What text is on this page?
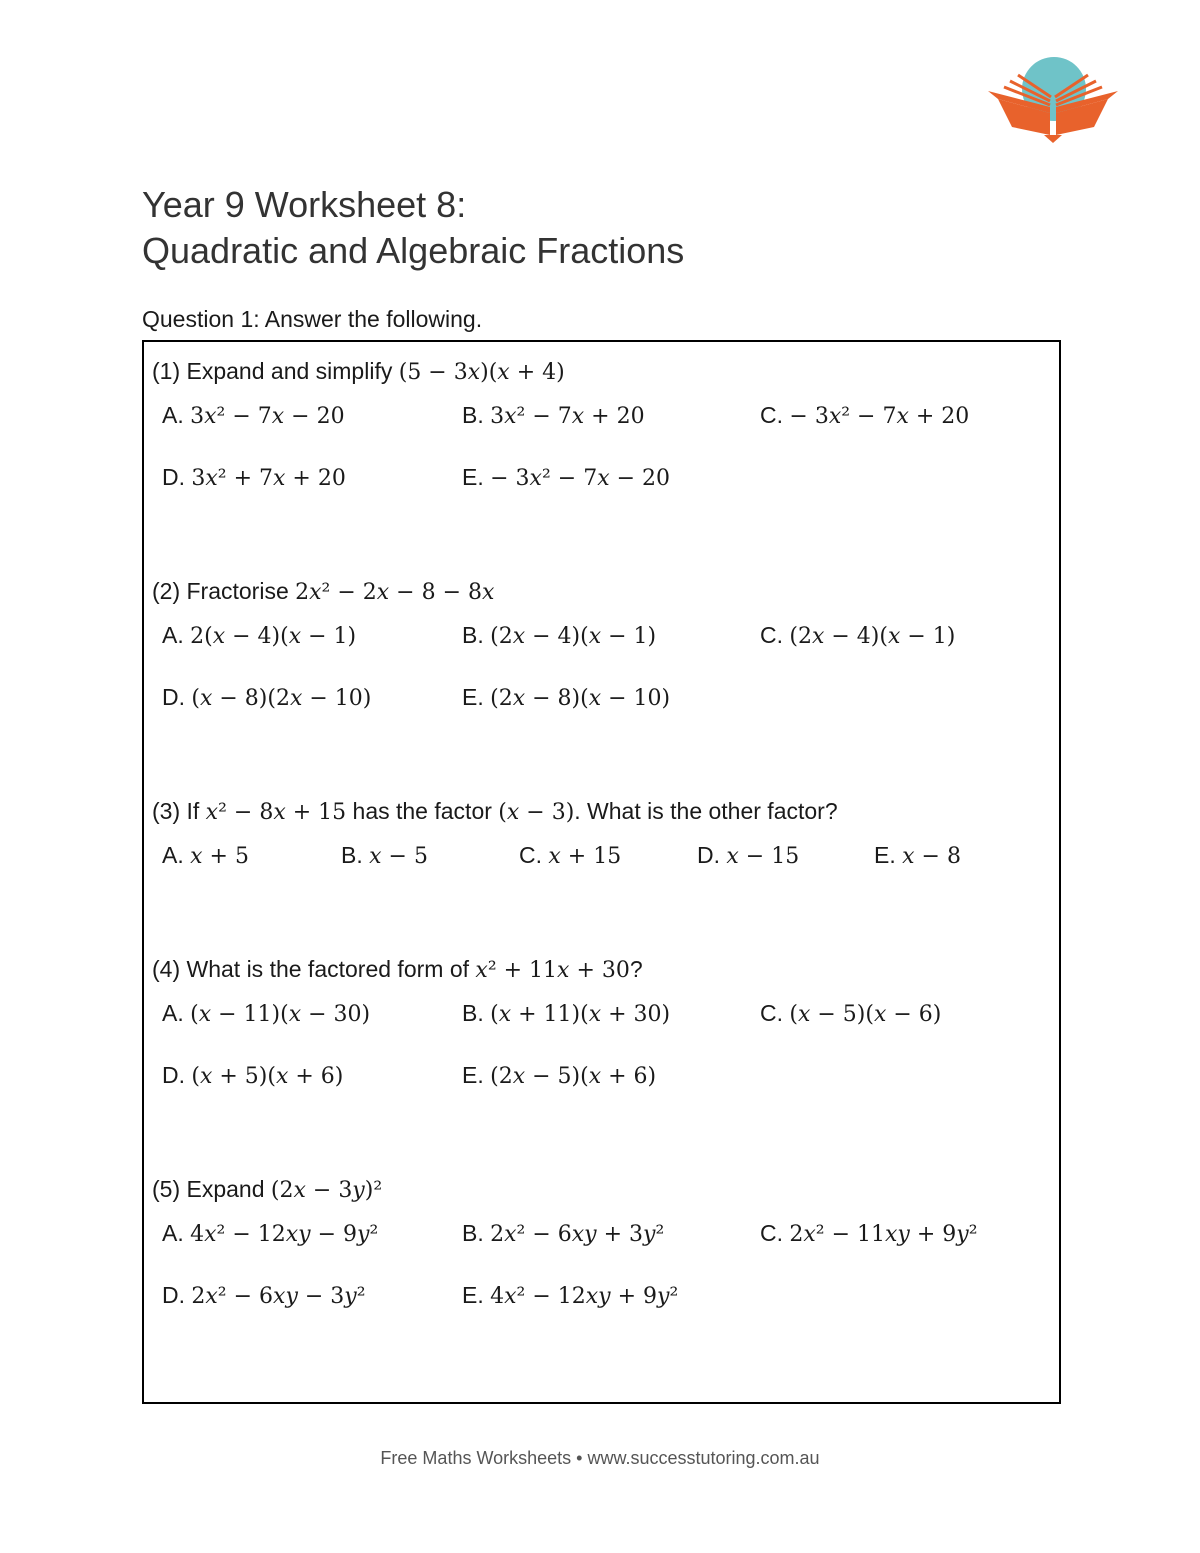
Year 9 Worksheet 8:
Quadratic and Algebraic Fractions
Question 1: Answer the following.
(1) Expand and simplify (5 − 3𝑥)(𝑥 + 4)
A. 3𝑥² − 7𝑥 − 20	B. 3𝑥² − 7𝑥 + 20	C. − 3𝑥² − 7𝑥 + 20
D. 3𝑥² + 7𝑥 + 20	E. − 3𝑥² − 7𝑥 − 20
(2) Fractorise 2𝑥² − 2𝑥 − 8 − 8𝑥
A. 2(𝑥 − 4)(𝑥 − 1)	B. (2𝑥 − 4)(𝑥 − 1)	C. (2𝑥 − 4)(𝑥 − 1)
D. (𝑥 − 8)(2𝑥 − 10)	E. (2𝑥 − 8)(𝑥 − 10)
(3) If 𝑥² − 8𝑥 + 15 has the factor (𝑥 − 3). What is the other factor?
A. 𝑥 + 5	B. 𝑥 − 5	C. 𝑥 + 15	D. 𝑥 − 15	E. 𝑥 − 8
(4) What is the factored form of 𝑥² + 11𝑥 + 30?
A. (𝑥 − 11)(𝑥 − 30)	B. (𝑥 + 11)(𝑥 + 30)	C. (𝑥 − 5)(𝑥 − 6)
D. (𝑥 + 5)(𝑥 + 6)	E. (2𝑥 − 5)(𝑥 + 6)
(5) Expand (2𝑥 − 3𝑦)²
A. 4𝑥² − 12𝑥𝑦 − 9𝑦²	B. 2𝑥² − 6𝑥𝑦 + 3𝑦²	C. 2𝑥² − 11𝑥𝑦 + 9𝑦²
D. 2𝑥² − 6𝑥𝑦 − 3𝑦²	E. 4𝑥² − 12𝑥𝑦 + 9𝑦²
Free Maths Worksheets • www.successtutoring.com.au
